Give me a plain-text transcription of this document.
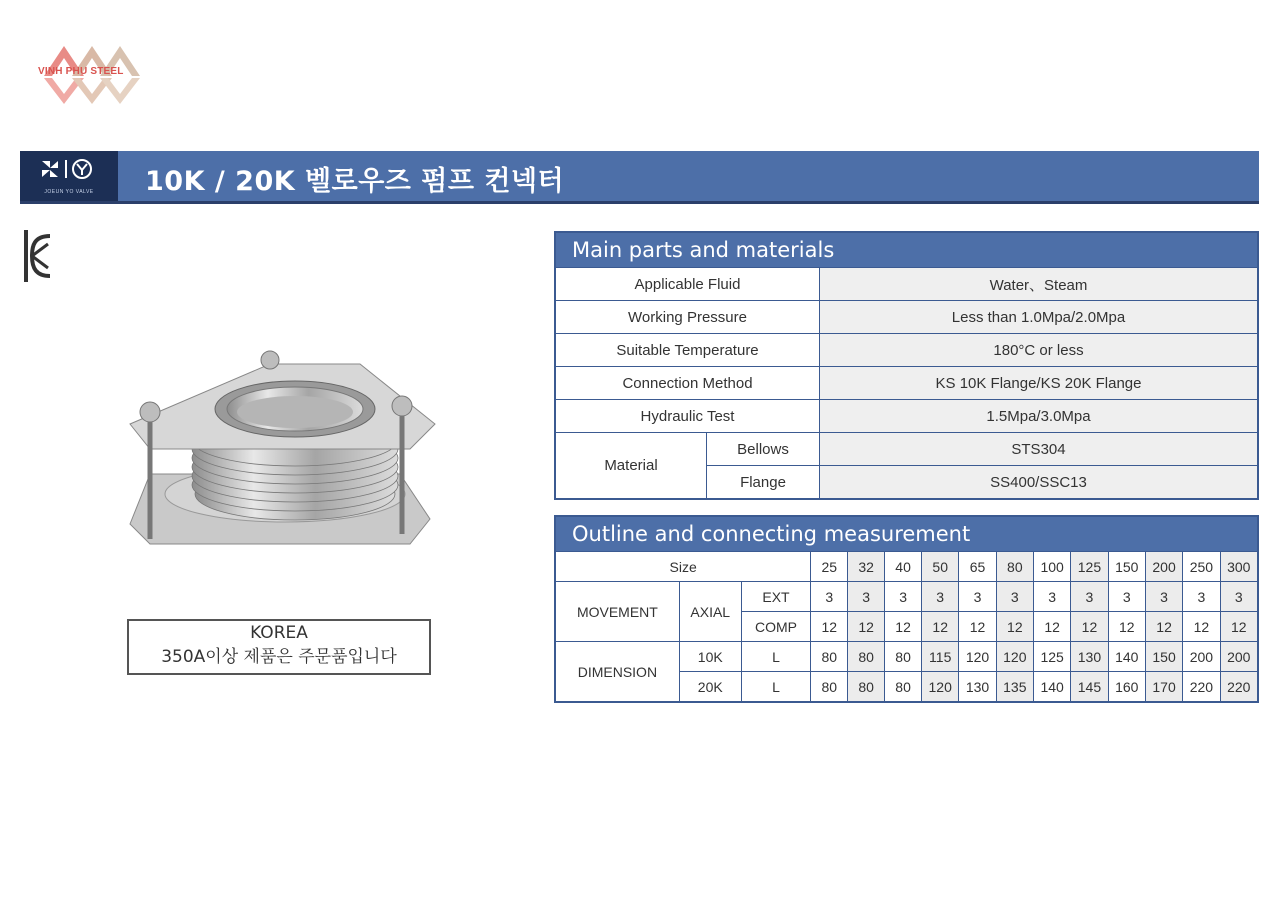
VINH PHU STEEL
JOEUN YO VALVE	10K / 20K 벨로우즈 펌프 컨넥터
KOREA
350A이상 제품은 주문품입니다
Main parts and materials		
Applicable Fluid		Water、Steam
Working Pressure		Less than 1.0Mpa/2.0Mpa
Suitable Temperature		180°C or less
Connection Method		KS 10K Flange/KS 20K Flange
Hydraulic Test		1.5Mpa/3.0Mpa
Material	Bellows	STS304
	Flange	SS400/SSC13
Outline and connecting measurement														
Size			25	32	40	50	65	80	100	125	150	200	250	300
MOVEMENT	AXIAL	EXT	3	3	3	3	3	3	3	3	3	3	3	3
		COMP	12	12	12	12	12	12	12	12	12	12	12	12
DIMENSION	10K	L	80	80	80	115	120	120	125	130	140	150	200	200
	20K	L	80	80	80	120	130	135	140	145	160	170	220	220
